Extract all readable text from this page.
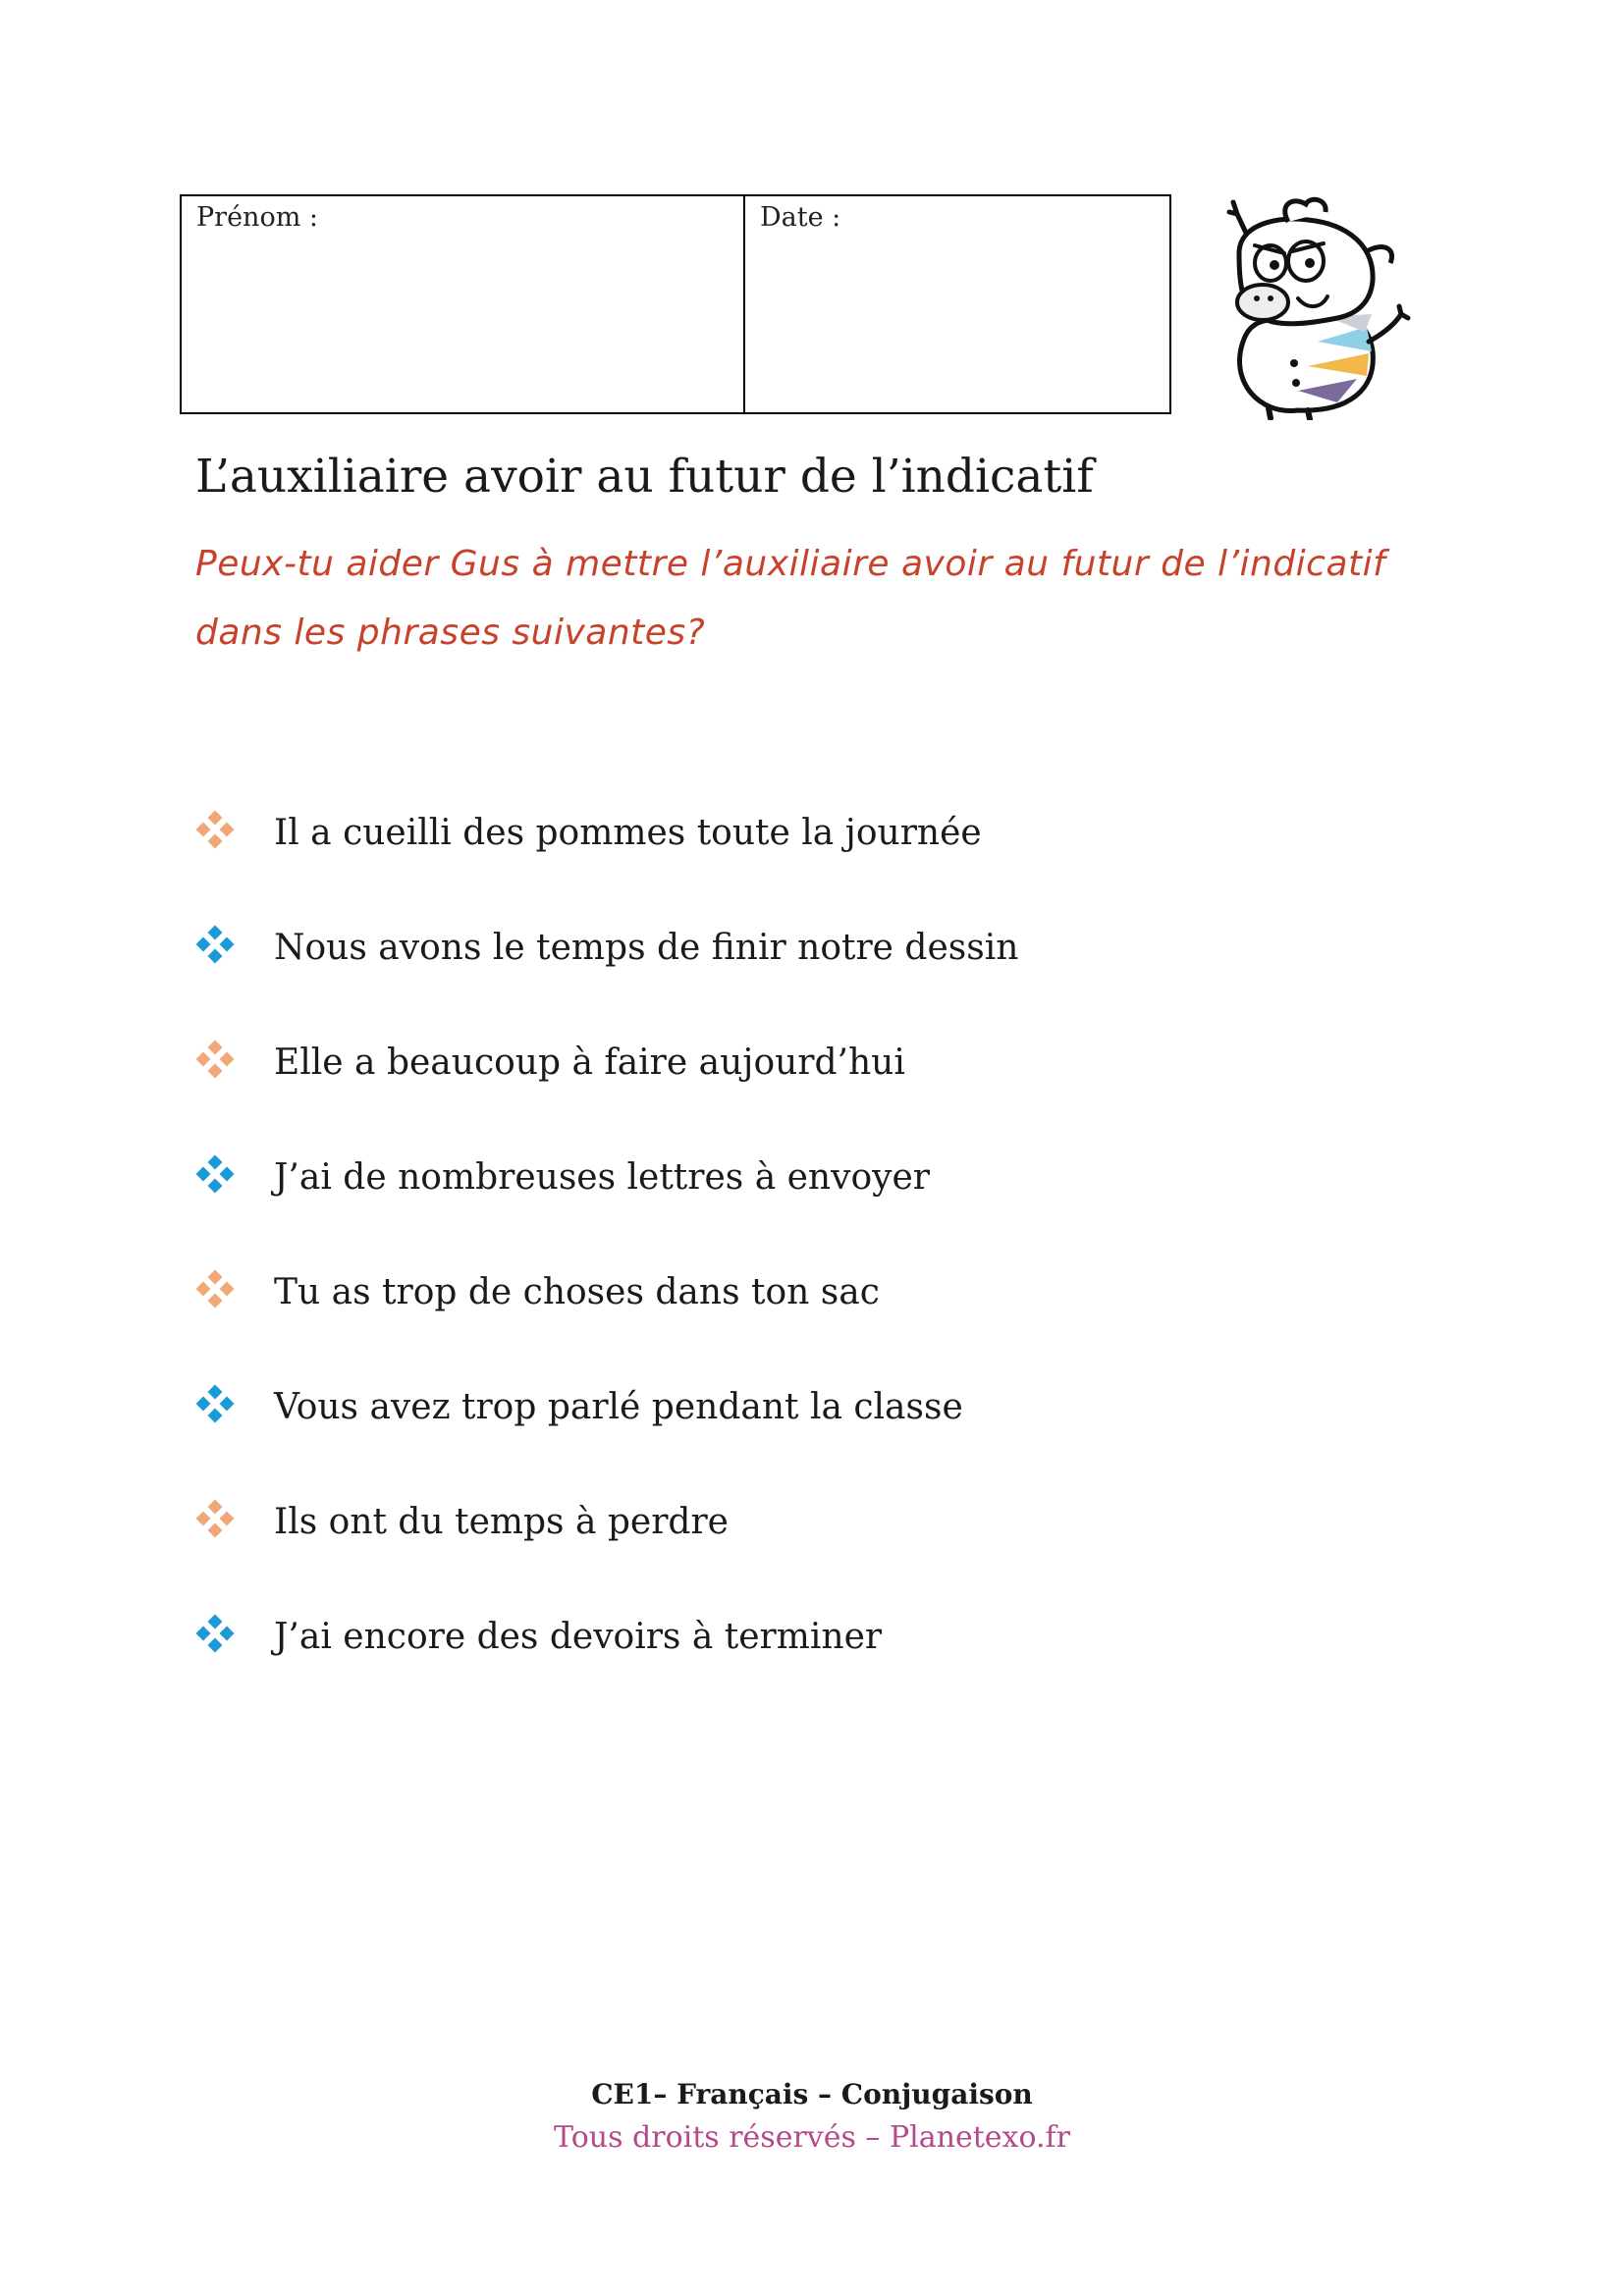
Prénom :	Date :
L’auxiliaire avoir au futur de l’indicatif
Peux-tu aider Gus à mettre l’auxiliaire avoir au futur de l’indicatif dans les phrases suivantes?
Il a cueilli des pommes toute la journée
Nous avons le temps de finir notre dessin
Elle a beaucoup à faire aujourd’hui
J’ai de nombreuses lettres à envoyer
Tu as trop de choses dans ton sac
Vous avez trop parlé pendant la classe
Ils ont du temps à perdre
J’ai encore des devoirs à terminer
CE1– Français – Conjugaison
Tous droits réservés – Planetexo.fr
